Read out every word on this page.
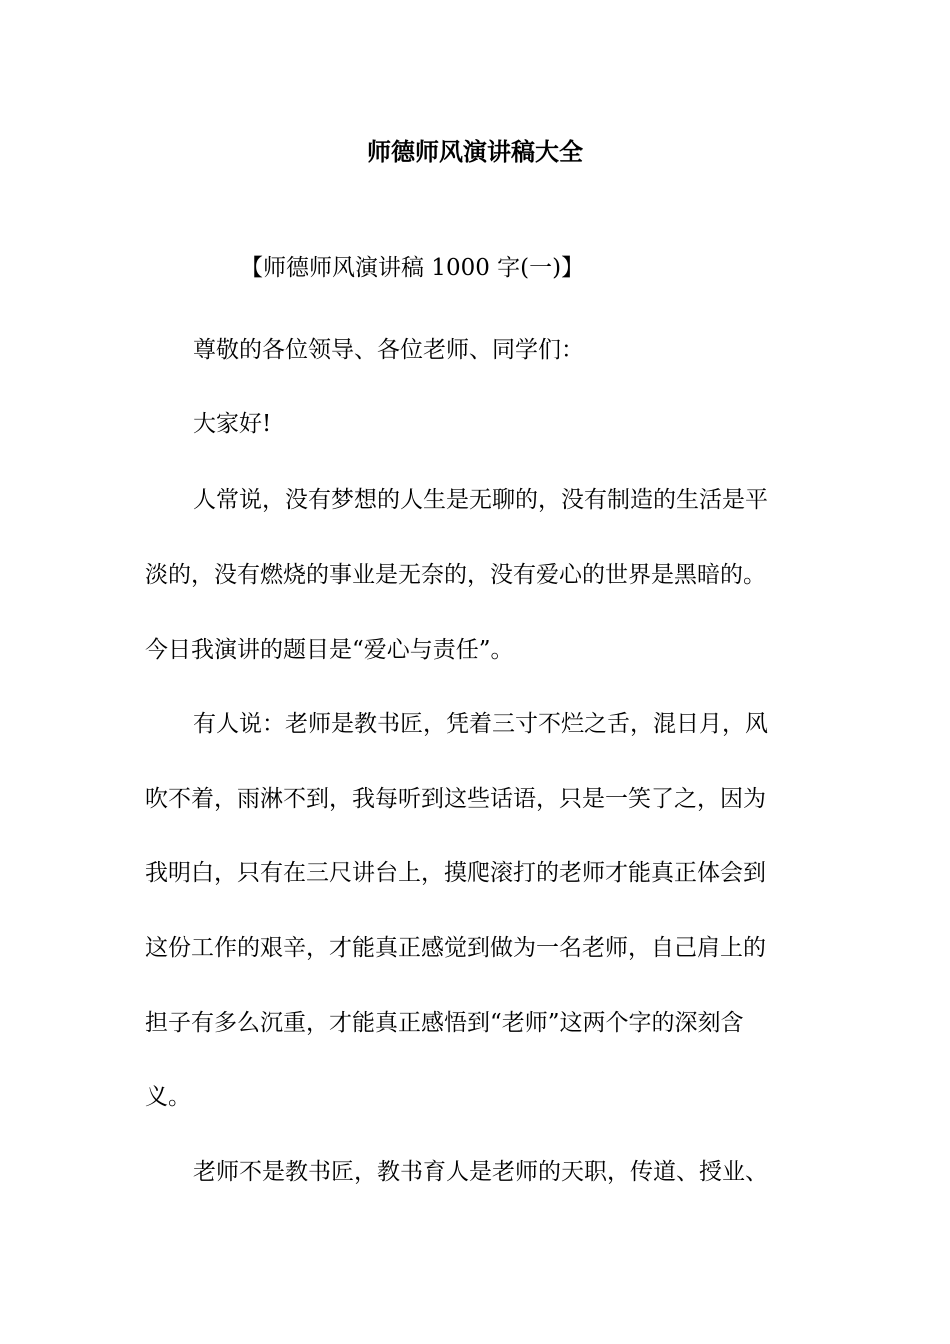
师德师风演讲稿大全
【师德师风演讲稿 1000 字(一)】
尊敬的各位领导、各位老师、同学们：
大家好!
人常说，没有梦想的人生是无聊的，没有制造的生活是平
淡的，没有燃烧的事业是无奈的，没有爱心的世界是黑暗的。
今日我演讲的题目是“爱心与责任”。
有人说：老师是教书匠，凭着三寸不烂之舌，混日月，风
吹不着，雨淋不到，我每听到这些话语，只是一笑了之，因为
我明白，只有在三尺讲台上，摸爬滚打的老师才能真正体会到
这份工作的艰辛，才能真正感觉到做为一名老师，自己肩上的
担子有多么沉重，才能真正感悟到“老师”这两个字的深刻含
义。
老师不是教书匠，教书育人是老师的天职，传道、授业、
